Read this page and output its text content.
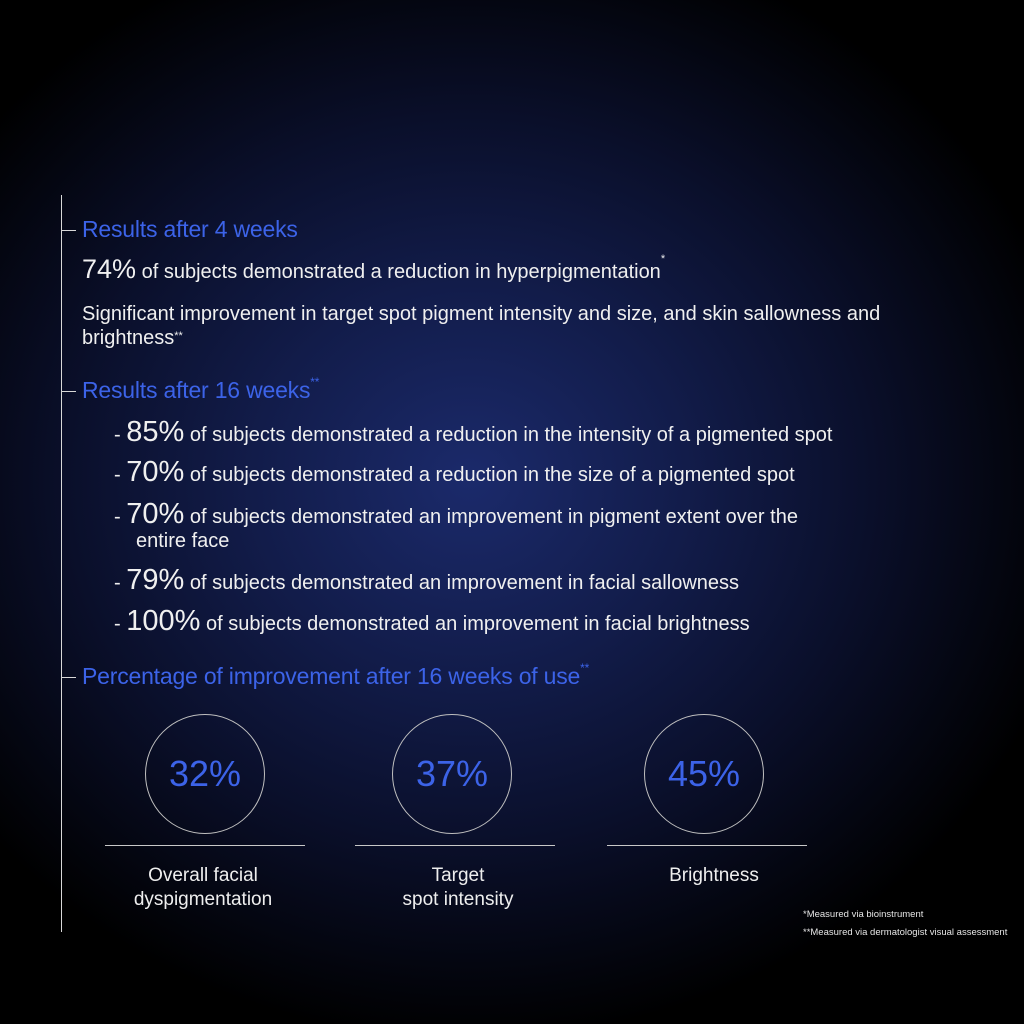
Results after 4 weeks
74% of subjects demonstrated a reduction in hyperpigmentation*
Significant improvement in target spot pigment intensity and size, and skin sallowness and brightness**
Results after 16 weeks**
- 85% of subjects demonstrated a reduction in the intensity of a pigmented spot
- 70% of subjects demonstrated a reduction in the size of a pigmented spot
- 70% of subjects demonstrated an improvement in pigment extent over the
entire face
- 79% of subjects demonstrated an improvement in facial sallowness
- 100% of subjects demonstrated an improvement in facial brightness
Percentage of improvement after 16 weeks of use**
32%	37%	45%
Overall facial
dyspigmentation
Target
spot intensity
Brightness
*Measured via bioinstrument
**Measured via dermatologist visual assessment
